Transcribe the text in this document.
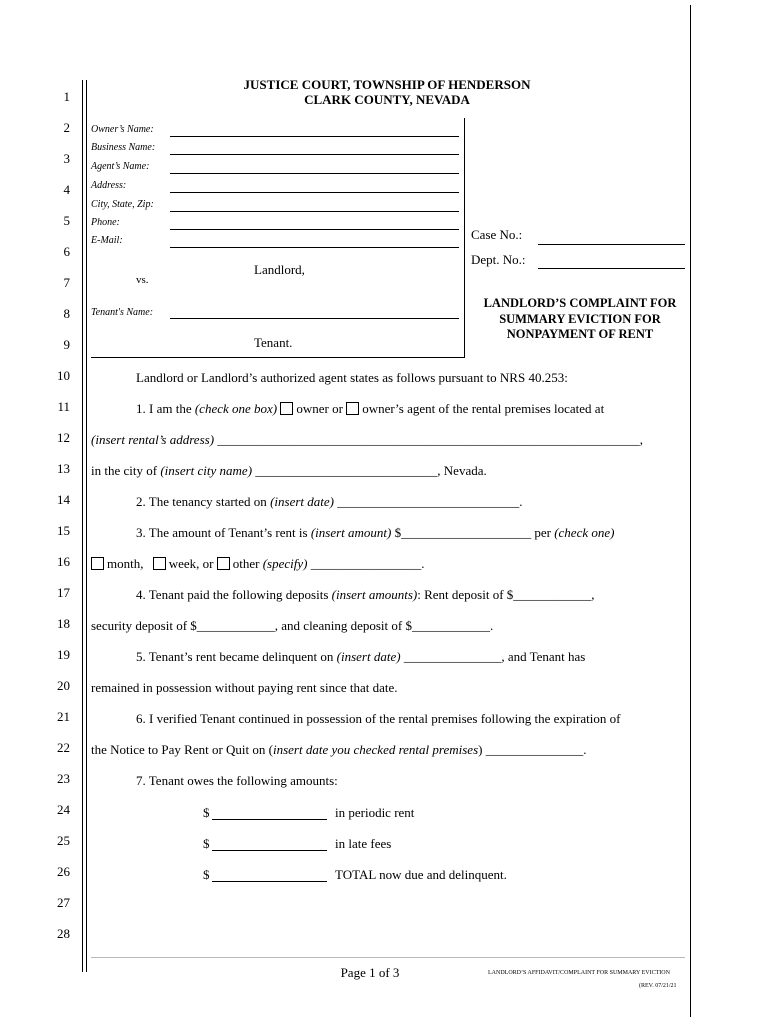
JUSTICE COURT, TOWNSHIP OF HENDERSON
CLARK COUNTY, NEVADA
1
2
3
4
5
6
7
8
9
10
11
12
13
14
15
16
17
18
19
20
21
22
23
24
25
26
27
28
Owner’s Name:
Business Name:
Agent’s Name:
Address:
City, State, Zip:
Phone:
E-Mail:
Landlord,
vs.
Tenant's Name:
Tenant.
Case No.:
Dept. No.:
LANDLORD’S COMPLAINT FOR
SUMMARY EVICTION FOR
NONPAYMENT OF RENT
Landlord or Landlord’s authorized agent states as follows pursuant to NRS 40.253:
1. I am the (check one box) owner or owner’s agent of the rental premises located at
(insert rental’s address) _________________________________________________________________,
in the city of (insert city name) ____________________________, Nevada.
2. The tenancy started on (insert date) ____________________________.
3. The amount of Tenant’s rent is (insert amount) $____________________ per (check one)
month, week, or other (specify) _________________.
4. Tenant paid the following deposits (insert amounts): Rent deposit of $____________,
security deposit of $____________, and cleaning deposit of $____________.
5. Tenant’s rent became delinquent on (insert date) _______________, and Tenant has
remained in possession without paying rent since that date.
6. I verified Tenant continued in possession of the rental premises following the expiration of
the Notice to Pay Rent or Quit on (insert date you checked rental premises) _______________.
7. Tenant owes the following amounts:
$	in periodic rent
$	in late fees
$	TOTAL now due and delinquent.
Page 1 of 3	LANDLORD’S AFFIDAVIT/COMPLAINT FOR SUMMARY EVICTION
(REV. 07/21/21
